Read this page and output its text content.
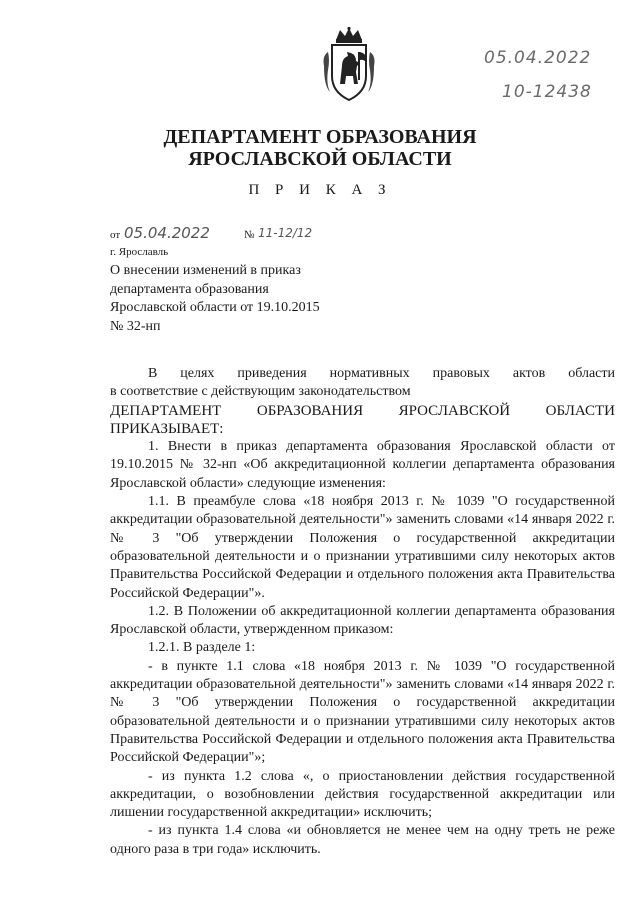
05.04.2022
10-12438
ДЕПАРТАМЕНТ ОБРАЗОВАНИЯ
ЯРОСЛАВСКОЙ ОБЛАСТИ
П Р И К А З
от 05.04.2022	№ 11-12/12
г. Ярославль
О внесении изменений в приказ
департамента образования
Ярославской области от 19.10.2015
№ 32-нп

В целях приведения нормативных правовых актов области

в соответствие с действующим законодательством

ДЕПАРТАМЕНТ ОБРАЗОВАНИЯ ЯРОСЛАВСКОЙ ОБЛАСТИ

ПРИКАЗЫВАЕТ:

1. Внести в приказ департамента образования Ярославской области от 19.10.2015 № 32-нп «Об аккредитационной коллегии департамента образования Ярославской области» следующие изменения:

1.1. В преамбуле слова «18 ноября 2013 г. № 1039 "О государственной аккредитации образовательной деятельности"» заменить словами «14 января 2022 г. № 3 "Об утверждении Положения о государственной аккредитации образовательной деятельности и о признании утратившими силу некоторых актов Правительства Российской Федерации и отдельного положения акта Правительства Российской Федерации"».

1.2. В Положении об аккредитационной коллегии департамента образования Ярославской области, утвержденном приказом:

1.2.1. В разделе 1:

- в пункте 1.1 слова «18 ноября 2013 г. № 1039 "О государственной аккредитации образовательной деятельности"» заменить словами «14 января 2022 г. № 3 "Об утверждении Положения о государственной аккредитации образовательной деятельности и о признании утратившими силу некоторых актов Правительства Российской Федерации и отдельного положения акта Правительства Российской Федерации"»;

- из пункта 1.2 слова «, о приостановлении действия государственной аккредитации, о возобновлении действия государственной аккредитации или лишении государственной аккредитации» исключить;

- из пункта 1.4 слова «и обновляется не менее чем на одну треть не реже одного раза в три года» исключить.
